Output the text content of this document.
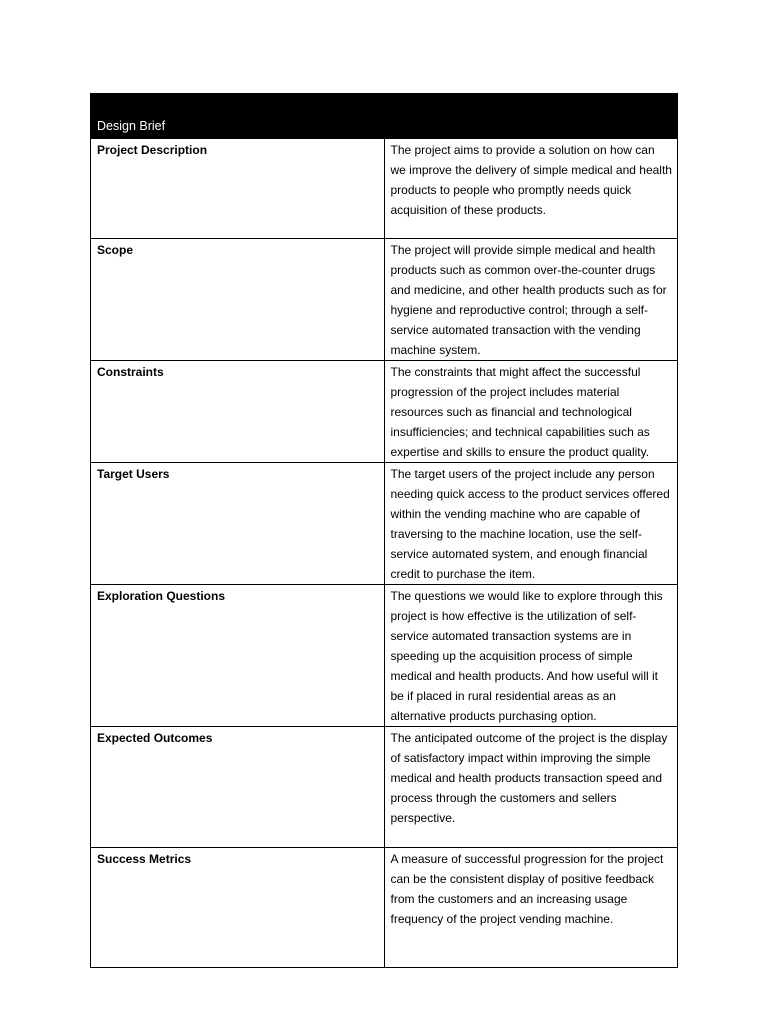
Design Brief	
Project Description	The project aims to provide a solution on how can we improve the delivery of simple medical and health products to people who promptly needs quick acquisition of these products.
Scope	The project will provide simple medical and health products such as common over-the-counter drugs and medicine, and other health products such as for hygiene and reproductive control; through a self-service automated transaction with the vending machine system.
Constraints	The constraints that might affect the successful progression of the project includes material resources such as financial and technological insufficiencies; and technical capabilities such as expertise and skills to ensure the product quality.
Target Users	The target users of the project include any person needing quick access to the product services offered within the vending machine who are capable of traversing to the machine location, use the self-service automated system, and enough financial credit to purchase the item.
Exploration Questions	The questions we would like to explore through this project is how effective is the utilization of self-service automated transaction systems are in speeding up the acquisition process of simple medical and health products. And how useful will it be if placed in rural residential areas as an alternative products purchasing option.
Expected Outcomes	The anticipated outcome of the project is the display of satisfactory impact within improving the simple medical and health products transaction speed and process through the customers and sellers perspective.
Success Metrics	A measure of successful progression for the project can be the consistent display of positive feedback from the customers and an increasing usage frequency of the project vending machine.
